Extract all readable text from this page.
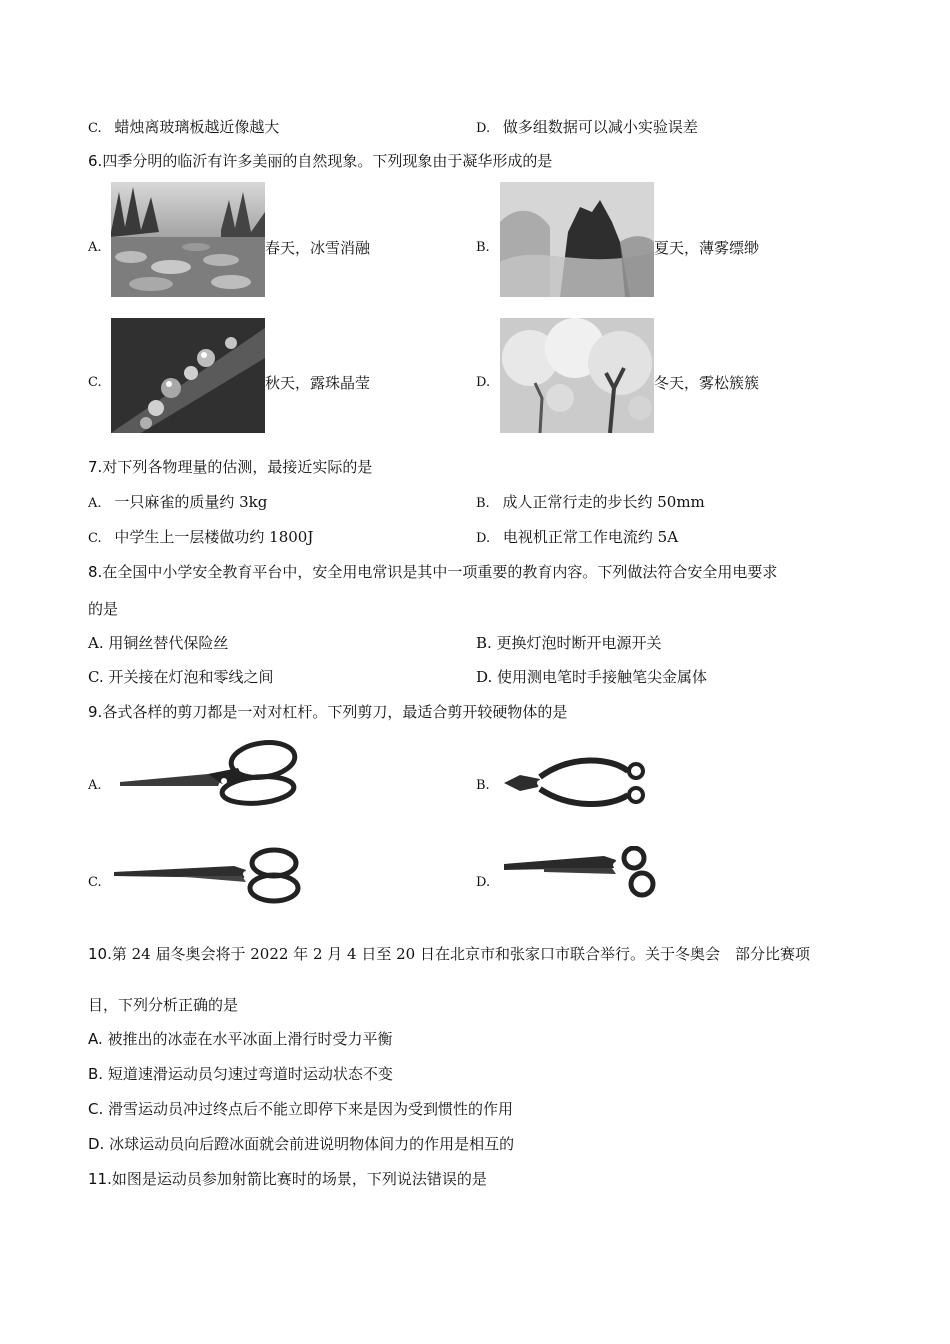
C. 蜡烛离玻璃板越近像越大	D. 做多组数据可以减小实验误差
6.四季分明的临沂有许多美丽的自然现象。下列现象由于凝华形成的是
A.	春天，冰雪消融	B.	夏天，薄雾缥缈
C.	秋天，露珠晶莹	D.	冬天，雾松簇簇
7.对下列各物理量的估测，最接近实际的是
A. 一只麻雀的质量约 3kg	B. 成人正常行走的步长约 50mm
C. 中学生上一层楼做功约 1800J	D. 电视机正常工作电流约 5A
8.在全国中小学安全教育平台中，安全用电常识是其中一项重要的教育内容。下列做法符合安全用电要求
的是
A. 用铜丝替代保险丝	B. 更换灯泡时断开电源开关
C. 开关接在灯泡和零线之间	D. 使用测电笔时手接触笔尖金属体
9.各式各样的剪刀都是一对对杠杆。下列剪刀，最适合剪开较硬物体的是
A.	B.
C.	D.
10.第 24 届冬奥会将于 2022 年 2 月 4 日至 20 日在北京市和张家口市联合举行。关于冬奥会　部分比赛项
目，下列分析正确的是
A. 被推出的冰壶在水平冰面上滑行时受力平衡
B. 短道速滑运动员匀速过弯道时运动状态不变
C. 滑雪运动员冲过终点后不能立即停下来是因为受到惯性的作用
D. 冰球运动员向后蹬冰面就会前进说明物体间力的作用是相互的
11.如图是运动员参加射箭比赛时的场景，下列说法错误的是
